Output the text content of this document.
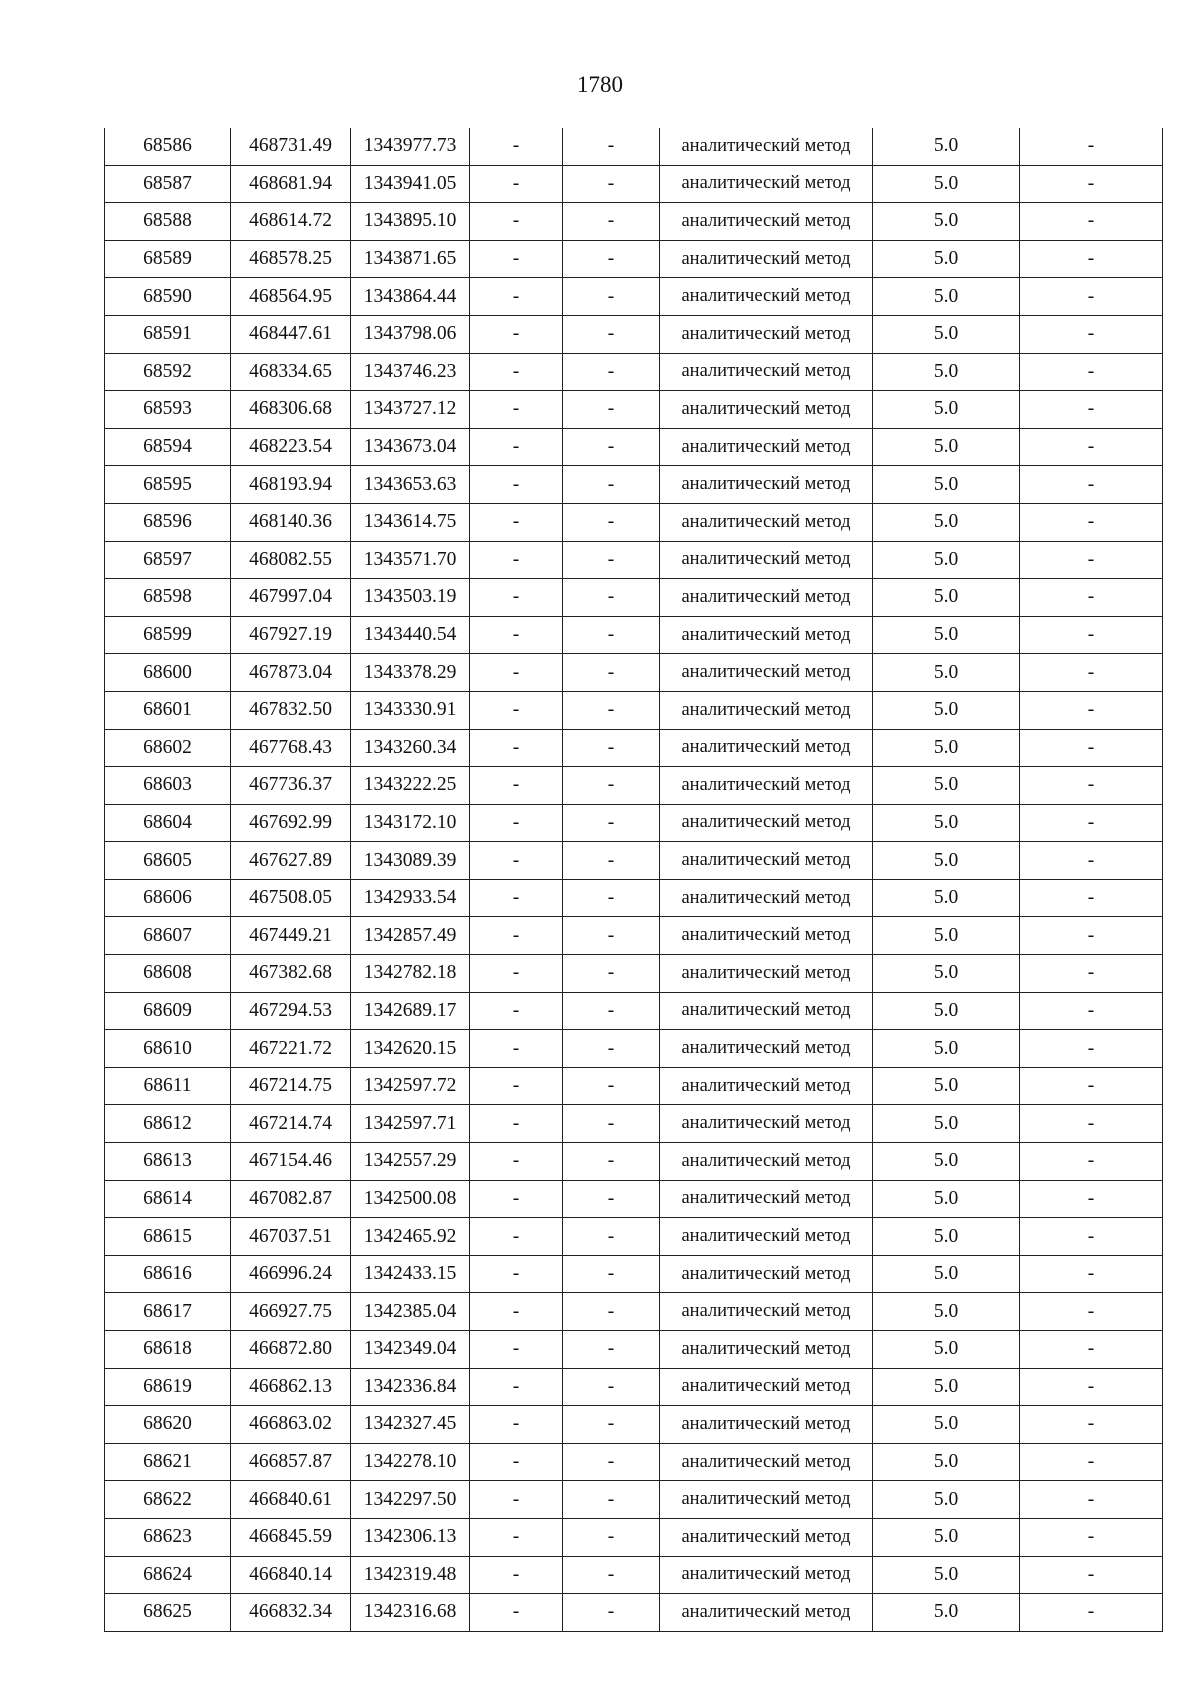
1780
68586	468731.49	1343977.73	-	-	аналитический метод	5.0	-
68587	468681.94	1343941.05	-	-	аналитический метод	5.0	-
68588	468614.72	1343895.10	-	-	аналитический метод	5.0	-
68589	468578.25	1343871.65	-	-	аналитический метод	5.0	-
68590	468564.95	1343864.44	-	-	аналитический метод	5.0	-
68591	468447.61	1343798.06	-	-	аналитический метод	5.0	-
68592	468334.65	1343746.23	-	-	аналитический метод	5.0	-
68593	468306.68	1343727.12	-	-	аналитический метод	5.0	-
68594	468223.54	1343673.04	-	-	аналитический метод	5.0	-
68595	468193.94	1343653.63	-	-	аналитический метод	5.0	-
68596	468140.36	1343614.75	-	-	аналитический метод	5.0	-
68597	468082.55	1343571.70	-	-	аналитический метод	5.0	-
68598	467997.04	1343503.19	-	-	аналитический метод	5.0	-
68599	467927.19	1343440.54	-	-	аналитический метод	5.0	-
68600	467873.04	1343378.29	-	-	аналитический метод	5.0	-
68601	467832.50	1343330.91	-	-	аналитический метод	5.0	-
68602	467768.43	1343260.34	-	-	аналитический метод	5.0	-
68603	467736.37	1343222.25	-	-	аналитический метод	5.0	-
68604	467692.99	1343172.10	-	-	аналитический метод	5.0	-
68605	467627.89	1343089.39	-	-	аналитический метод	5.0	-
68606	467508.05	1342933.54	-	-	аналитический метод	5.0	-
68607	467449.21	1342857.49	-	-	аналитический метод	5.0	-
68608	467382.68	1342782.18	-	-	аналитический метод	5.0	-
68609	467294.53	1342689.17	-	-	аналитический метод	5.0	-
68610	467221.72	1342620.15	-	-	аналитический метод	5.0	-
68611	467214.75	1342597.72	-	-	аналитический метод	5.0	-
68612	467214.74	1342597.71	-	-	аналитический метод	5.0	-
68613	467154.46	1342557.29	-	-	аналитический метод	5.0	-
68614	467082.87	1342500.08	-	-	аналитический метод	5.0	-
68615	467037.51	1342465.92	-	-	аналитический метод	5.0	-
68616	466996.24	1342433.15	-	-	аналитический метод	5.0	-
68617	466927.75	1342385.04	-	-	аналитический метод	5.0	-
68618	466872.80	1342349.04	-	-	аналитический метод	5.0	-
68619	466862.13	1342336.84	-	-	аналитический метод	5.0	-
68620	466863.02	1342327.45	-	-	аналитический метод	5.0	-
68621	466857.87	1342278.10	-	-	аналитический метод	5.0	-
68622	466840.61	1342297.50	-	-	аналитический метод	5.0	-
68623	466845.59	1342306.13	-	-	аналитический метод	5.0	-
68624	466840.14	1342319.48	-	-	аналитический метод	5.0	-
68625	466832.34	1342316.68	-	-	аналитический метод	5.0	-
